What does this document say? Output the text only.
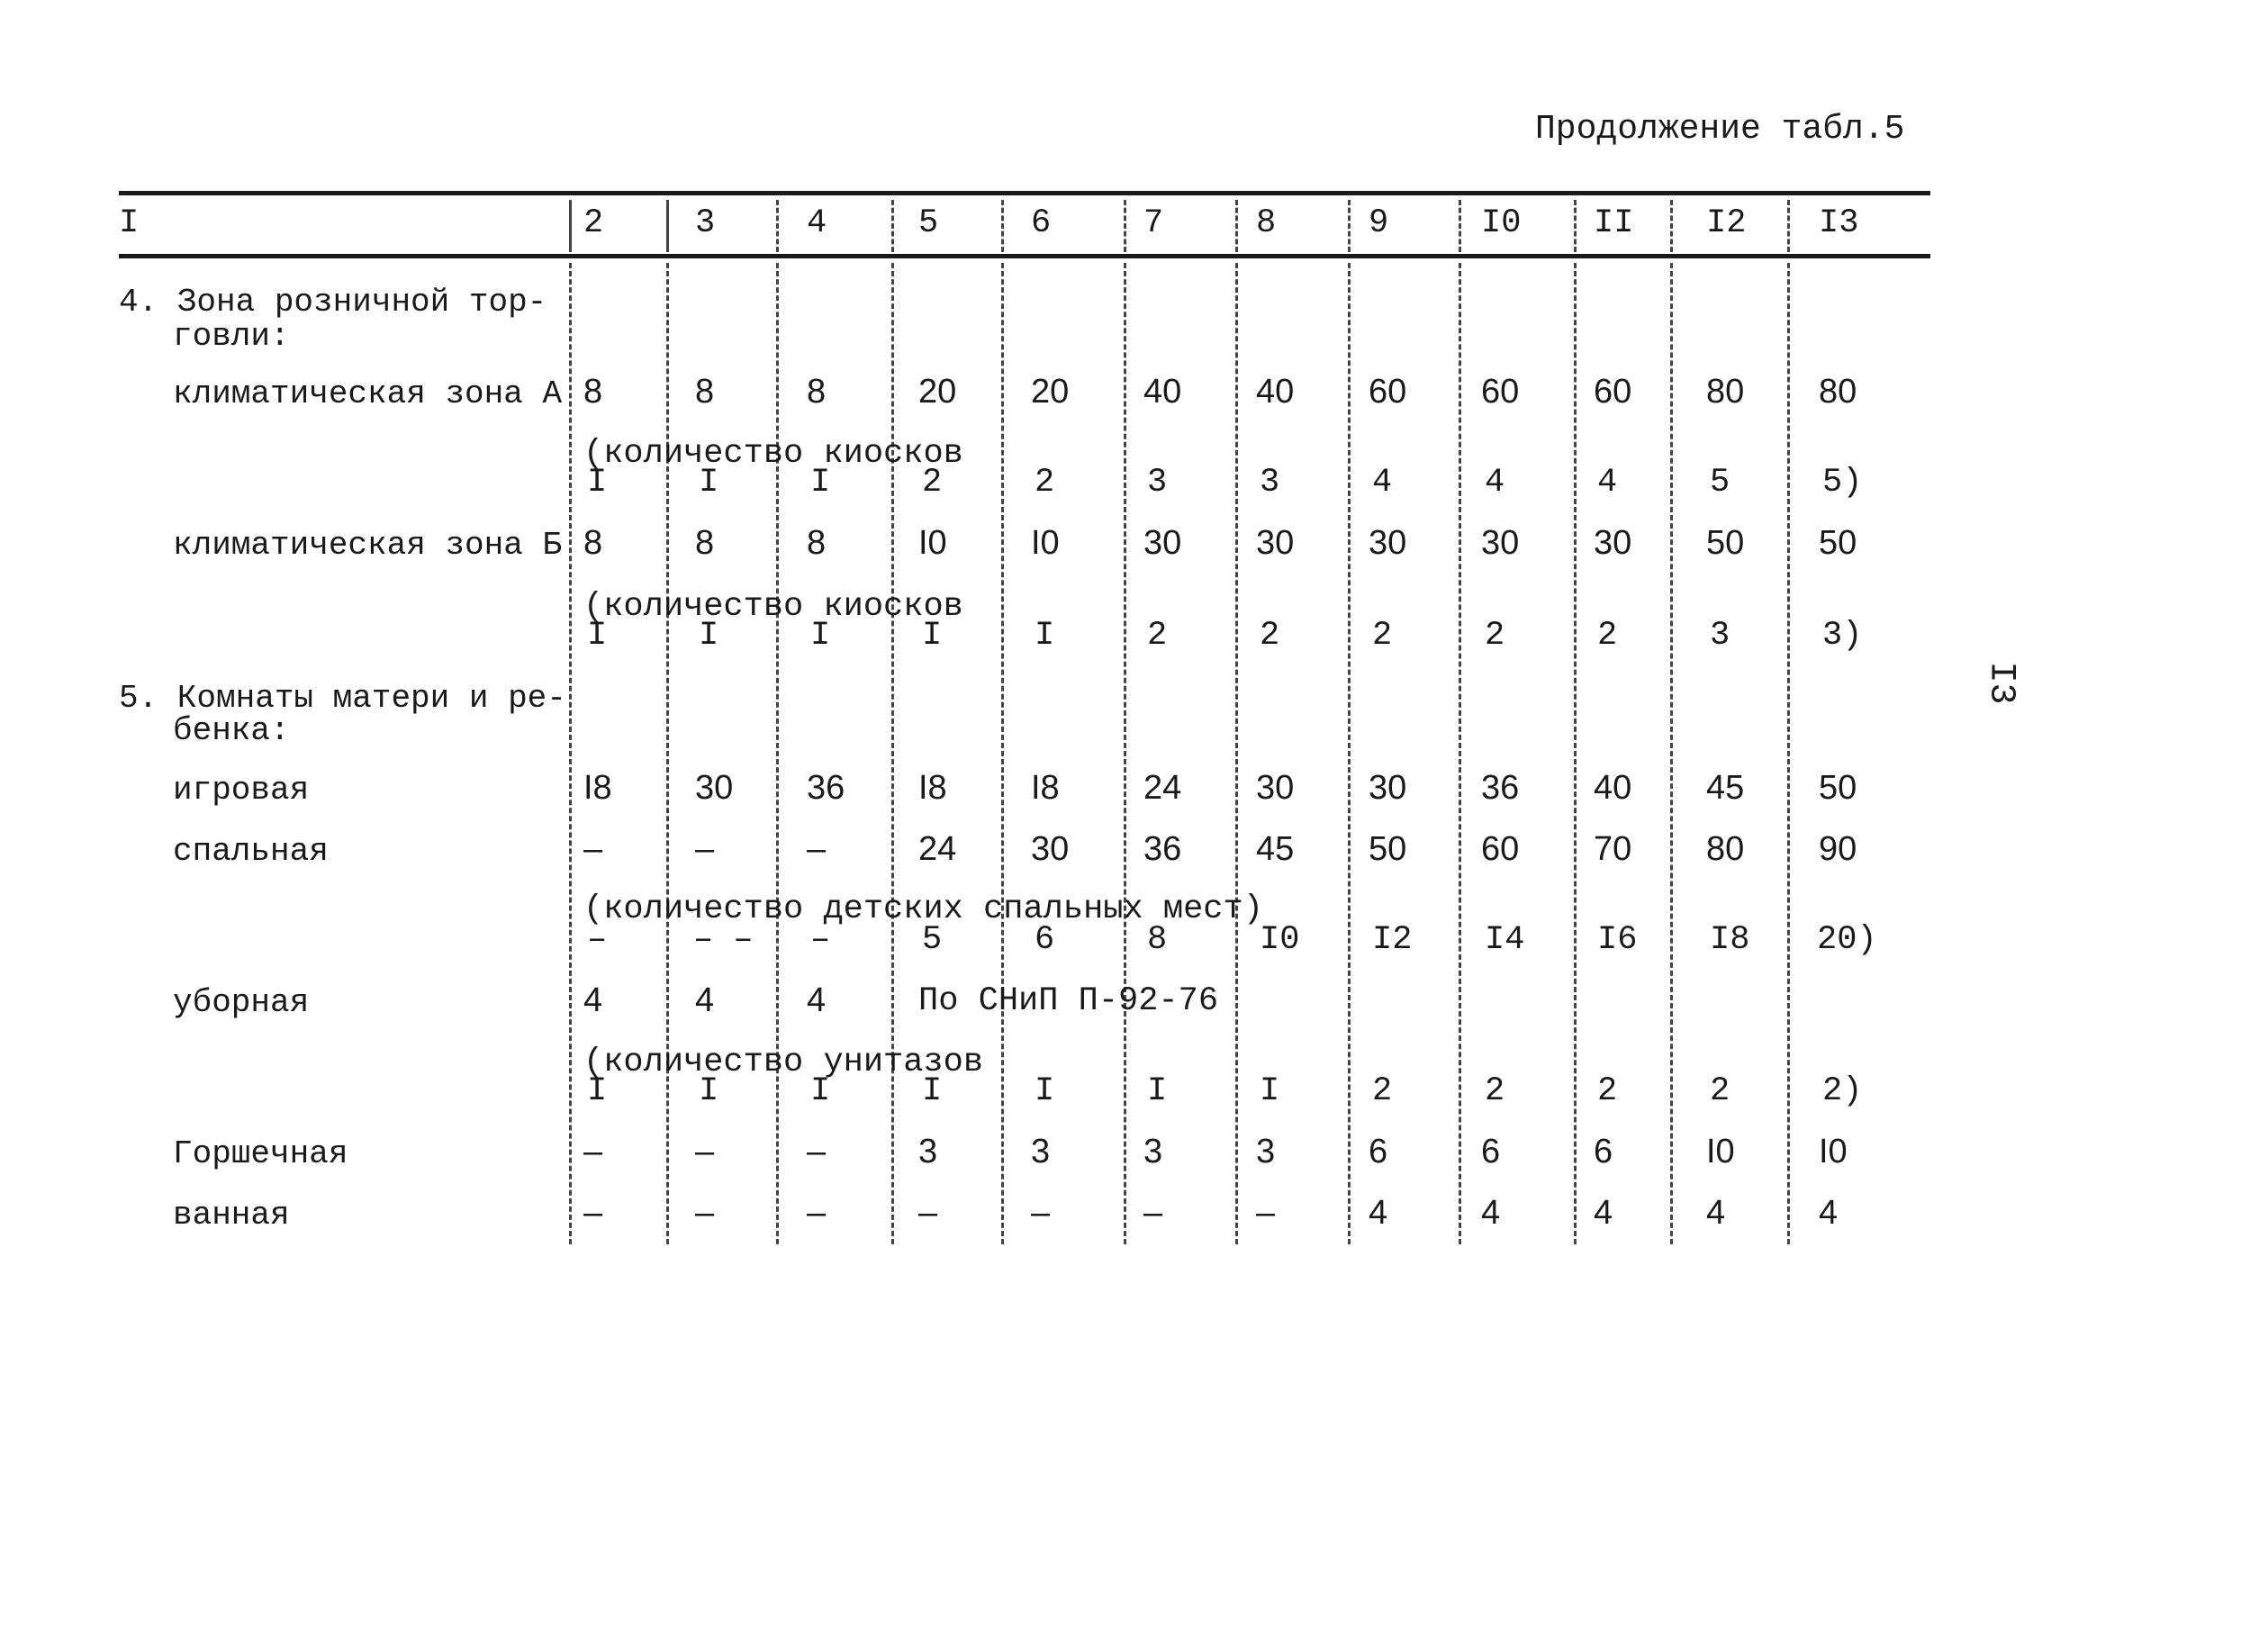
Продолжение табл.5
I3
I	2	3	4	5	6	7	8	9	I0 II I2 I3
4. Зона розничной тор-
говли:
климатическая зона А 8	8	8	20 20 40 40 60 60 60 80 80
(количество киосков
I	I	I	2	2	3	3	4	4	4	5	5)
климатическая зона Б 8	8	8	I0 I0 30 30 30 30 30 50 50
(количество киосков
I	I	I	I	I	2	2	2	2	2	3	3)
5. Комнаты матери и ре-
бенка:
игровая	I8 30 36 I8 I8 24 30 30 36 40 45 50
спальная	–	–	–	24 30 36 45 50 60 70 80 90
(количество детских спальных мест)
–	– – –	5	6	8	I0 I2 I4 I6 I8 20)
уборная	4	4	4	По СНиП П-92-76
(количество унитазов
I	I	I	I	I	I	I	2	2	2	2	2)
Горшечная	–	–	–	3	3	3	3	6	6	6	I0 I0
ванная	–	–	–	–	–	–	–	4	4	4	4	4
